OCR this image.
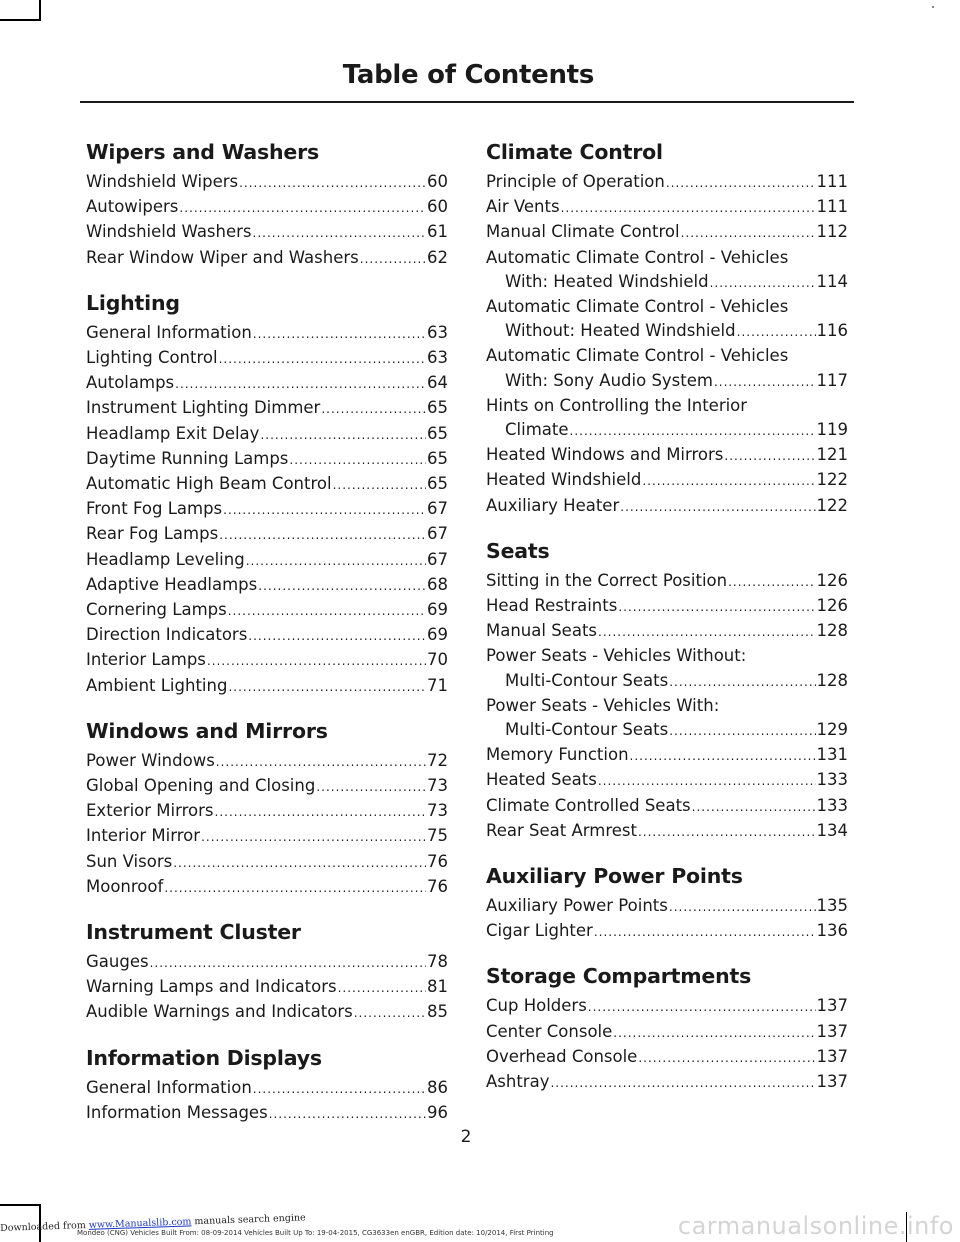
Table of Contents
Wipers and Washers
Windshield Wipers .....	60
Autowipers .....	60
Windshield Washers .....	61
Rear Window Wiper and Washers .....	62
Lighting
General Information .....	63
Lighting Control .....	63
Autolamps .....	64
Instrument Lighting Dimmer .....	65
Headlamp Exit Delay .....	65
Daytime Running Lamps .....	65
Automatic High Beam Control .....	65
Front Fog Lamps .....	67
Rear Fog Lamps .....	67
Headlamp Leveling .....	67
Adaptive Headlamps .....	68
Cornering Lamps .....	69
Direction Indicators .....	69
Interior Lamps .....	70
Ambient Lighting .....	71
Windows and Mirrors
Power Windows .....	72
Global Opening and Closing .....	73
Exterior Mirrors .....	73
Interior Mirror .....	75
Sun Visors .....	76
Moonroof .....	76
Instrument Cluster
Gauges .....	78
Warning Lamps and Indicators .....	81
Audible Warnings and Indicators .....	85
Information Displays
General Information .....	86
Information Messages .....	96
Climate Control
Principle of Operation .....	111
Air Vents .....	111
Manual Climate Control .....	112
Automatic Climate Control - Vehicles
With: Heated Windshield .....	114
Automatic Climate Control - Vehicles
Without: Heated Windshield .....	116
Automatic Climate Control - Vehicles
With: Sony Audio System .....	117
Hints on Controlling the Interior
Climate .....	119
Heated Windows and Mirrors .....	121
Heated Windshield .....	122
Auxiliary Heater .....	122
Seats
Sitting in the Correct Position .....	126
Head Restraints .....	126
Manual Seats .....	128
Power Seats - Vehicles Without:
Multi-Contour Seats .....	128
Power Seats - Vehicles With:
Multi-Contour Seats .....	129
Memory Function .....	131
Heated Seats .....	133
Climate Controlled Seats .....	133
Rear Seat Armrest .....	134
Auxiliary Power Points
Auxiliary Power Points .....	135
Cigar Lighter .....	136
Storage Compartments
Cup Holders .....	137
Center Console .....	137
Overhead Console .....	137
Ashtray .....	137
2
Mondeo (CNG) Vehicles Built From: 08-09-2014 Vehicles Built Up To: 19-04-2015, CG3633en enGBR, Edition date: 10/2014, First Printing
Downloaded from www.Manualslib.com manuals search engine	carmanualsonline.info
